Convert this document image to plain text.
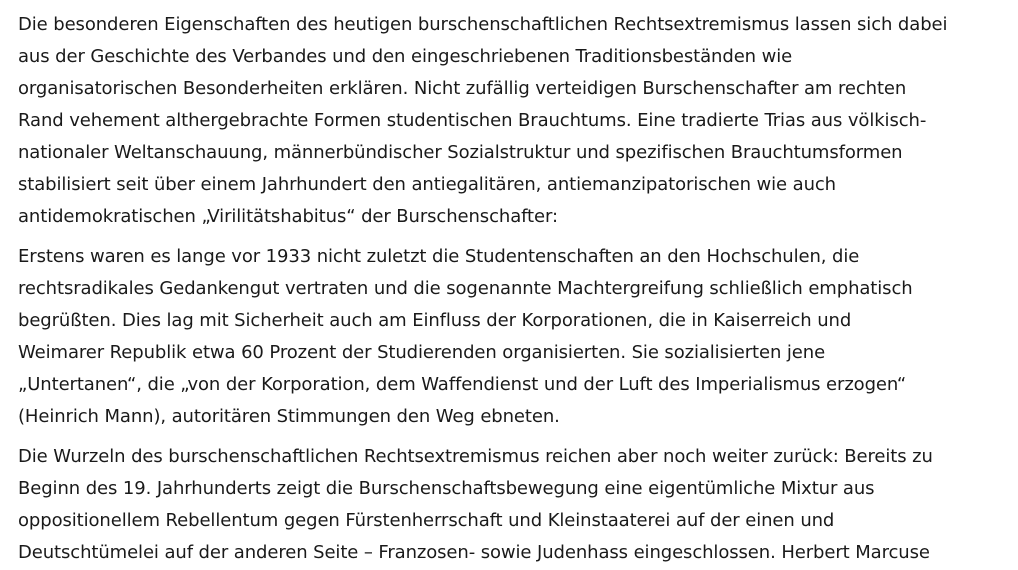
Die besonderen Eigenschaften des heutigen burschenschaftlichen Rechtsextremismus lassen sich dabei
aus der Geschichte des Verbandes und den eingeschriebenen Traditionsbeständen wie
organisatorischen Besonderheiten erklären. Nicht zufällig verteidigen Burschenschafter am rechten
Rand vehement althergebrachte Formen studentischen Brauchtums. Eine tradierte Trias aus völkisch-
nationaler Weltanschauung, männerbündischer Sozialstruktur und spezifischen Brauchtumsformen
stabilisiert seit über einem Jahrhundert den antiegalitären, antiemanzipatorischen wie auch
antidemokratischen „Virilitätshabitus“ der Burschenschafter:
Erstens waren es lange vor 1933 nicht zuletzt die Studentenschaften an den Hochschulen, die
rechtsradikales Gedankengut vertraten und die sogenannte Machtergreifung schließlich emphatisch
begrüßten. Dies lag mit Sicherheit auch am Einfluss der Korporationen, die in Kaiserreich und
Weimarer Republik etwa 60 Prozent der Studierenden organisierten. Sie sozialisierten jene
„Untertanen“, die „von der Korporation, dem Waffendienst und der Luft des Imperialismus erzogen“
(Heinrich Mann), autoritären Stimmungen den Weg ebneten.
Die Wurzeln des burschenschaftlichen Rechtsextremismus reichen aber noch weiter zurück: Bereits zu
Beginn des 19. Jahrhunderts zeigt die Burschenschaftsbewegung eine eigentümliche Mixtur aus
oppositionellem Rebellentum gegen Fürstenherrschaft und Kleinstaaterei auf der einen und
Deutschtümelei auf der anderen Seite – Franzosen- sowie Judenhass eingeschlossen. Herbert Marcuse
